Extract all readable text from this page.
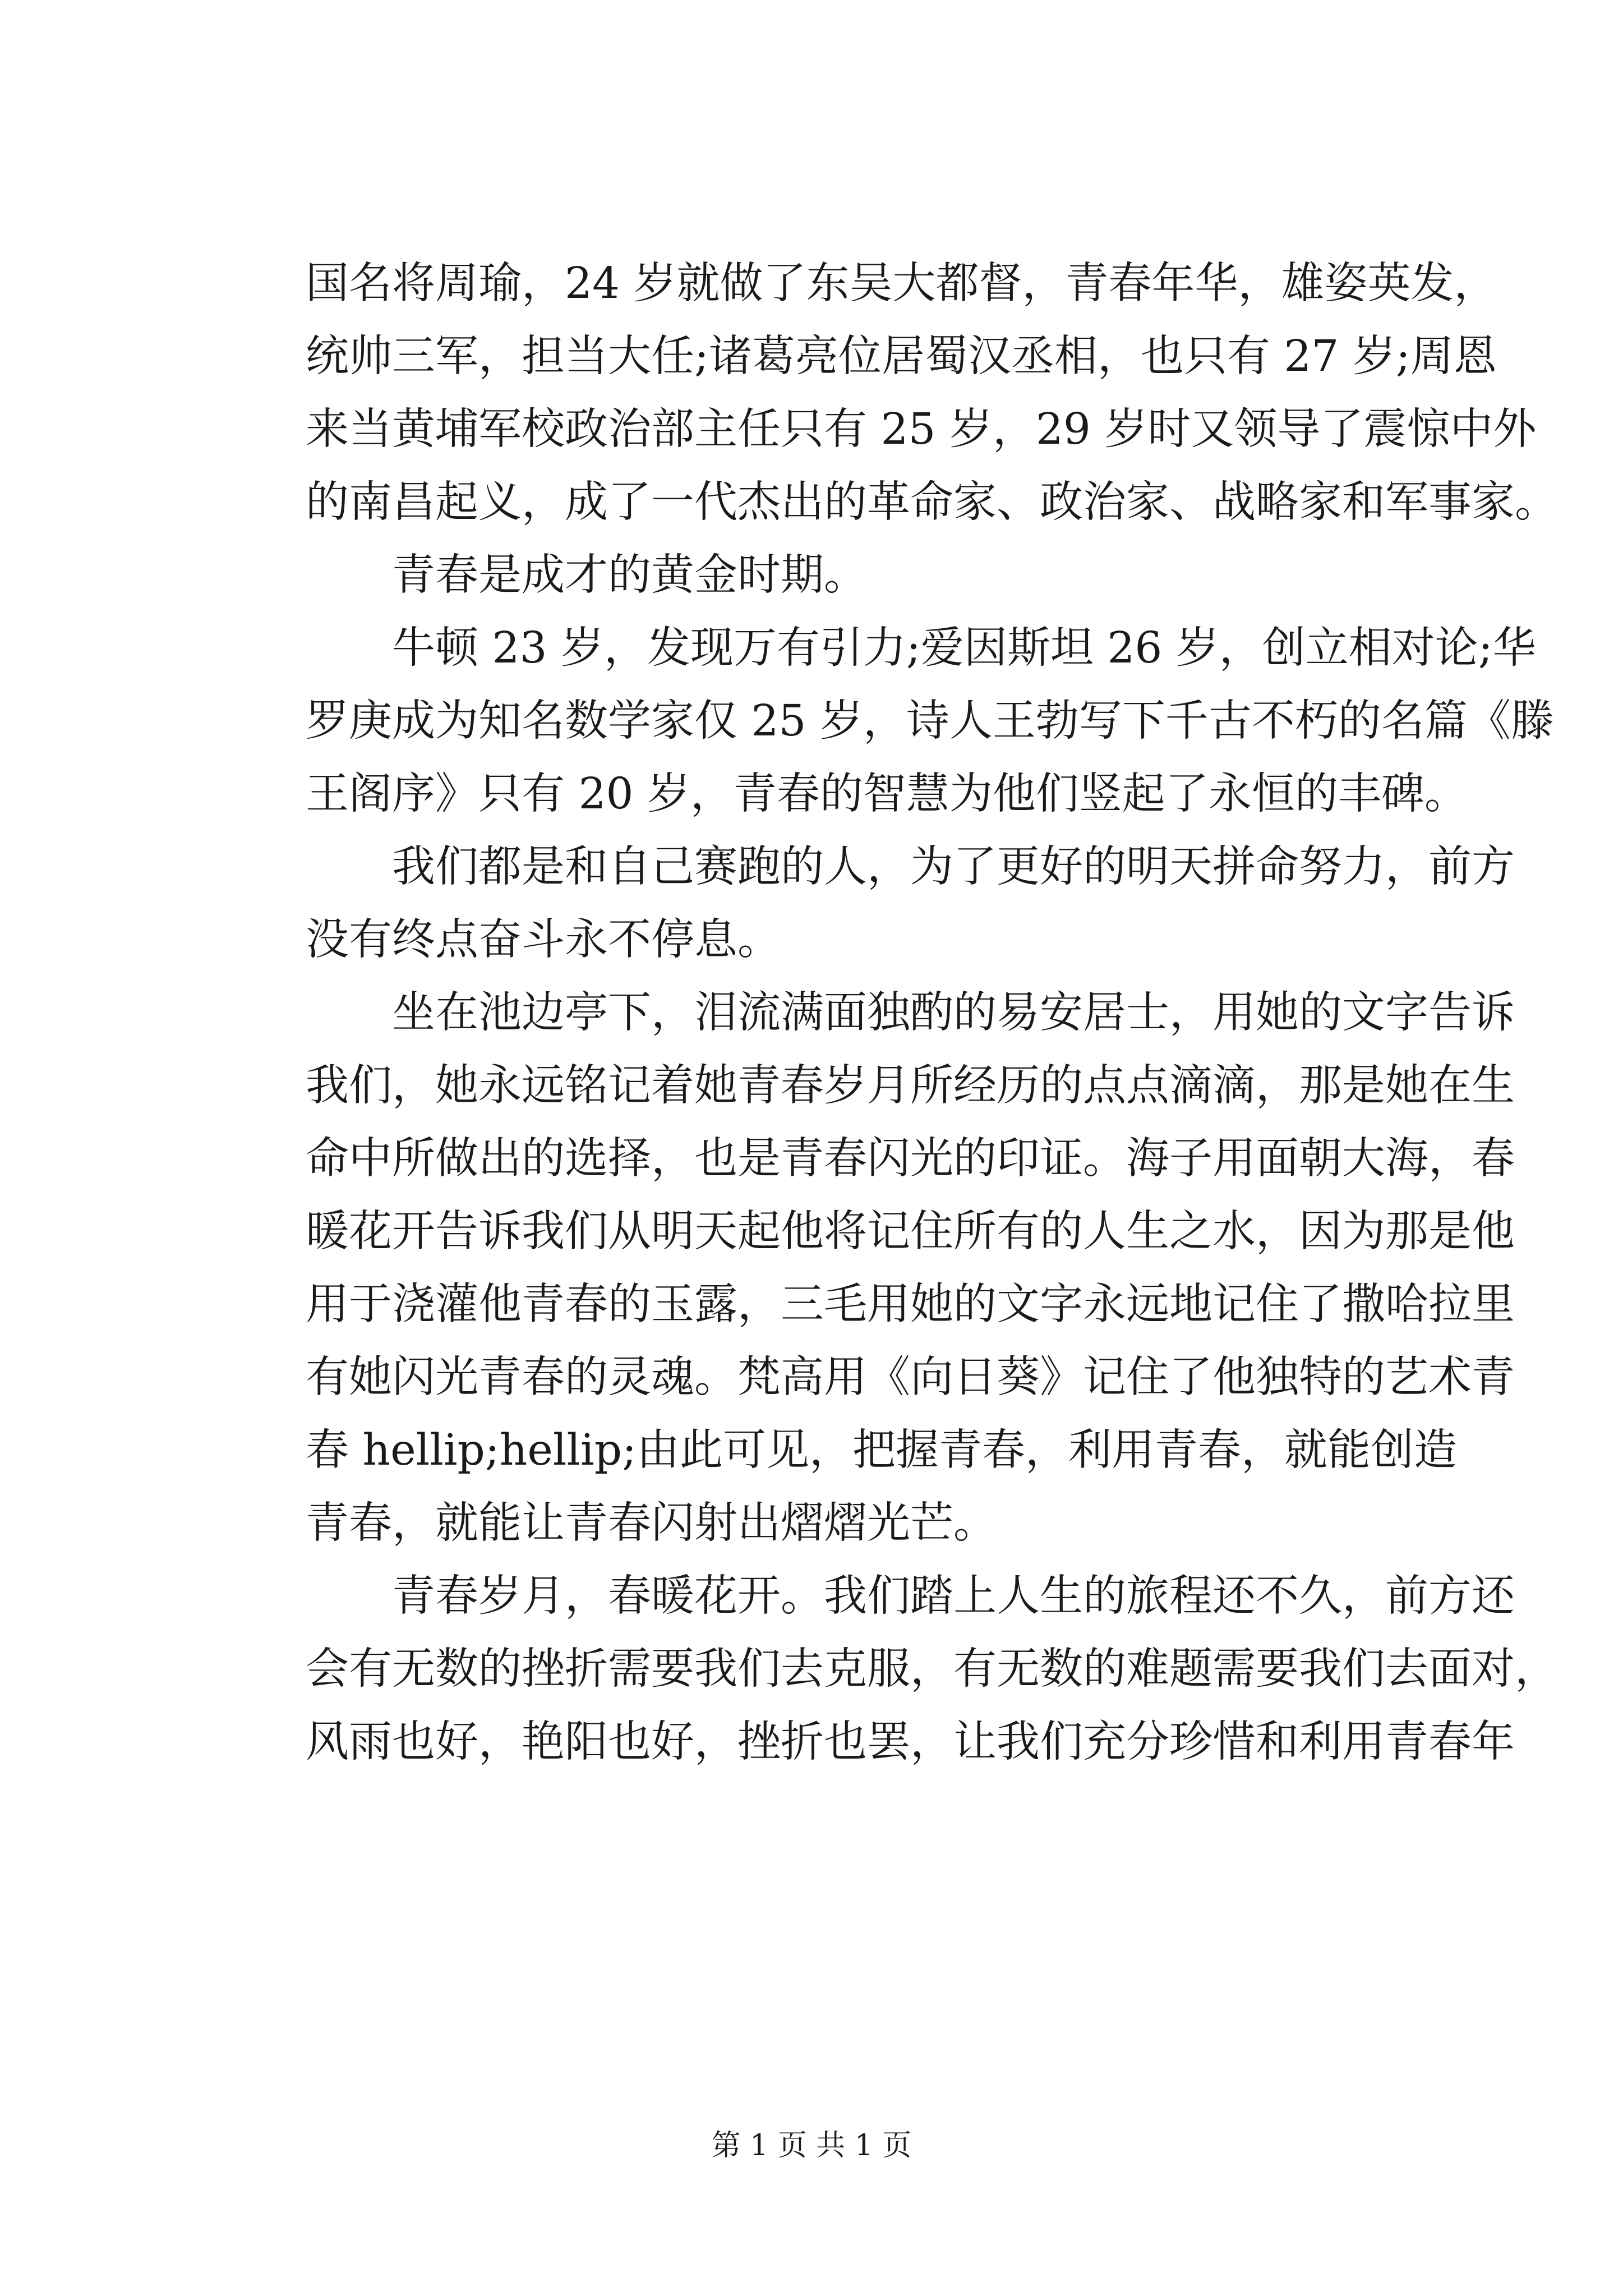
国名将周瑜，24 岁就做了东吴大都督，青春年华，雄姿英发，
统帅三军，担当大任;诸葛亮位居蜀汉丞相，也只有 27 岁;周恩
来当黄埔军校政治部主任只有 25 岁，29 岁时又领导了震惊中外
的南昌起义，成了一代杰出的革命家、政治家、战略家和军事家。
青春是成才的黄金时期。
牛顿 23 岁，发现万有引力;爱因斯坦 26 岁，创立相对论;华
罗庚成为知名数学家仅 25 岁，诗人王勃写下千古不朽的名篇《滕
王阁序》只有 20 岁，青春的智慧为他们竖起了永恒的丰碑。
我们都是和自己赛跑的人，为了更好的明天拼命努力，前方
没有终点奋斗永不停息。
坐在池边亭下，泪流满面独酌的易安居士，用她的文字告诉
我们，她永远铭记着她青春岁月所经历的点点滴滴，那是她在生
命中所做出的选择，也是青春闪光的印证。海子用面朝大海，春
暖花开告诉我们从明天起他将记住所有的人生之水，因为那是他
用于浇灌他青春的玉露，三毛用她的文字永远地记住了撒哈拉里
有她闪光青春的灵魂。梵高用《向日葵》记住了他独特的艺术青
春 hellip;hellip;由此可见，把握青春，利用青春，就能创造
青春，就能让青春闪射出熠熠光芒。
青春岁月，春暖花开。我们踏上人生的旅程还不久，前方还
会有无数的挫折需要我们去克服，有无数的难题需要我们去面对，
风雨也好，艳阳也好，挫折也罢，让我们充分珍惜和利用青春年
第 1 页 共 1 页
